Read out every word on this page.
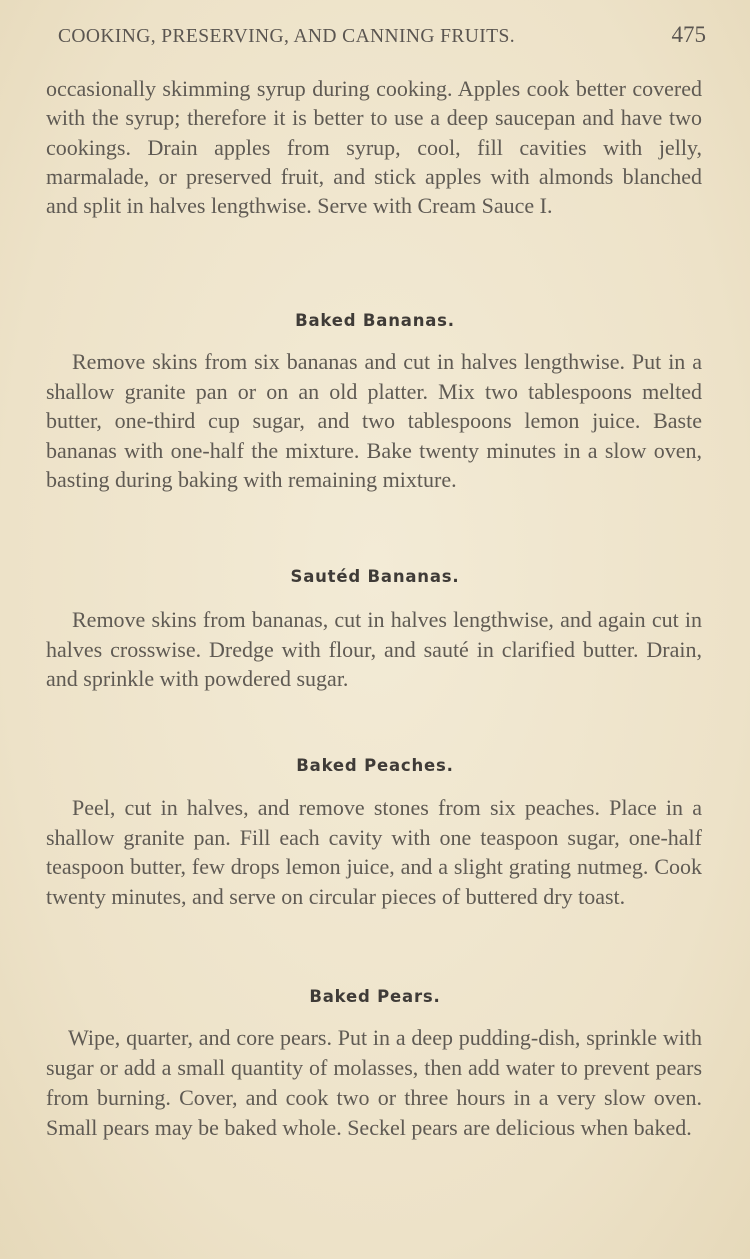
COOKING, PRESERVING, AND CANNING FRUITS.	475

occasionally skimming syrup during cooking. Apples cook better covered with the syrup; therefore it is better to use a deep saucepan and have two cookings. Drain apples from syrup, cool, fill cavities with jelly, marmalade, or preserved fruit, and stick apples with almonds blanched and split in halves lengthwise. Serve with Cream Sauce I.

Baked Bananas.

Remove skins from six bananas and cut in halves lengthwise. Put in a shallow granite pan or on an old platter. Mix two tablespoons melted butter, one-third cup sugar, and two tablespoons lemon juice. Baste bananas with one-half the mixture. Bake twenty minutes in a slow oven, basting during baking with remaining mixture.

Sautéd Bananas.

Remove skins from bananas, cut in halves lengthwise, and again cut in halves crosswise. Dredge with flour, and sauté in clarified butter. Drain, and sprinkle with powdered sugar.

Baked Peaches.

Peel, cut in halves, and remove stones from six peaches. Place in a shallow granite pan. Fill each cavity with one teaspoon sugar, one-half teaspoon butter, few drops lemon juice, and a slight grating nutmeg. Cook twenty minutes, and serve on circular pieces of buttered dry toast.

Baked Pears.

Wipe, quarter, and core pears. Put in a deep pudding-dish, sprinkle with sugar or add a small quantity of molasses, then add water to prevent pears from burning. Cover, and cook two or three hours in a very slow oven. Small pears may be baked whole. Seckel pears are delicious when baked.
